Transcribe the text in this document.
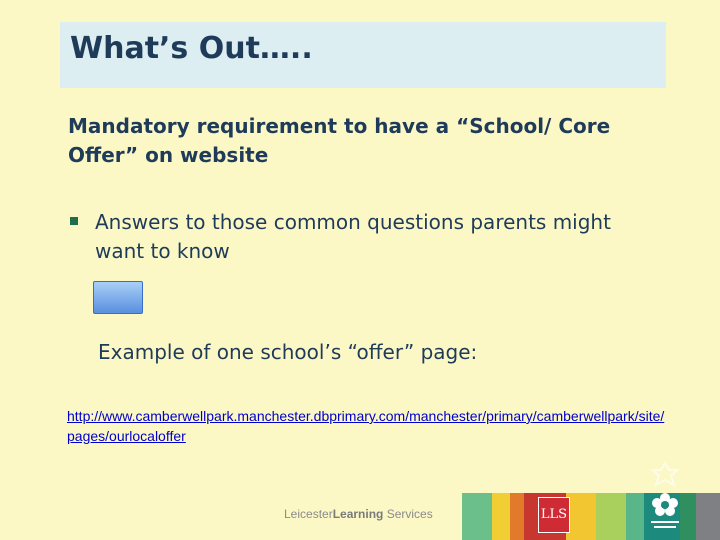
What’s Out…..
Mandatory requirement to have a “School/ Core Offer” on website
Answers to those common questions parents might want to know
Example of one school’s “offer” page:
http://www.camberwellpark.manchester.dbprimary.com/manchester/primary/camberwellpark/site/pages/ourlocaloffer
LeicesterLearning Services	LLS
